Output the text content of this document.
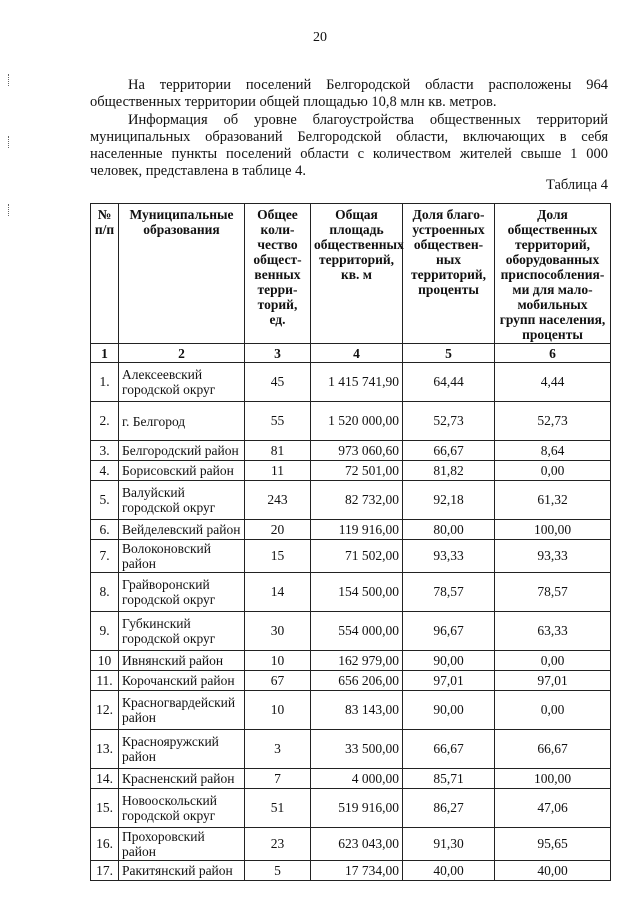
20

На территории поселений Белгородской области расположены 964 общественных территории общей площадью 10,8 млн кв. метров.

Информация об уровне благоустройства общественных территорий муниципальных образований Белгородской области, включающих в себя населенные пункты поселений области с количеством жителей свыше 1 000 человек, представлена в таблице 4.

Таблица 4
№ п/п	Муниципальные образования	Общее коли-чество общест-венных терри-торий, ед.	Общая площадь общественных территорий, кв. м	Доля благо-устроенных обществен-ных территорий, проценты	Доля общественных территорий, оборудованных приспособления-ми для мало-мобильных групп населения, проценты
1	2	3	4	5	6
1.	Алексеевский городской округ	45	1 415 741,90	64,44	4,44
2.	г. Белгород	55	1 520 000,00	52,73	52,73
3.	Белгородский район	81	973 060,60	66,67	8,64
4.	Борисовский район	11	72 501,00	81,82	0,00
5.	Валуйский городской округ	243	82 732,00	92,18	61,32
6.	Вейделевский район	20	119 916,00	80,00	100,00
7.	Волоконовский район	15	71 502,00	93,33	93,33
8.	Грайворонский городской округ	14	154 500,00	78,57	78,57
9.	Губкинский городской округ	30	554 000,00	96,67	63,33
10	Ивнянский район	10	162 979,00	90,00	0,00
11.	Корочанский район	67	656 206,00	97,01	97,01
12.	Красногвардейский район	10	83 143,00	90,00	0,00
13.	Краснояружский район	3	33 500,00	66,67	66,67
14.	Красненский район	7	4 000,00	85,71	100,00
15.	Новооскольский городской округ	51	519 916,00	86,27	47,06
16.	Прохоровский район	23	623 043,00	91,30	95,65
17.	Ракитянский район	5	17 734,00	40,00	40,00
